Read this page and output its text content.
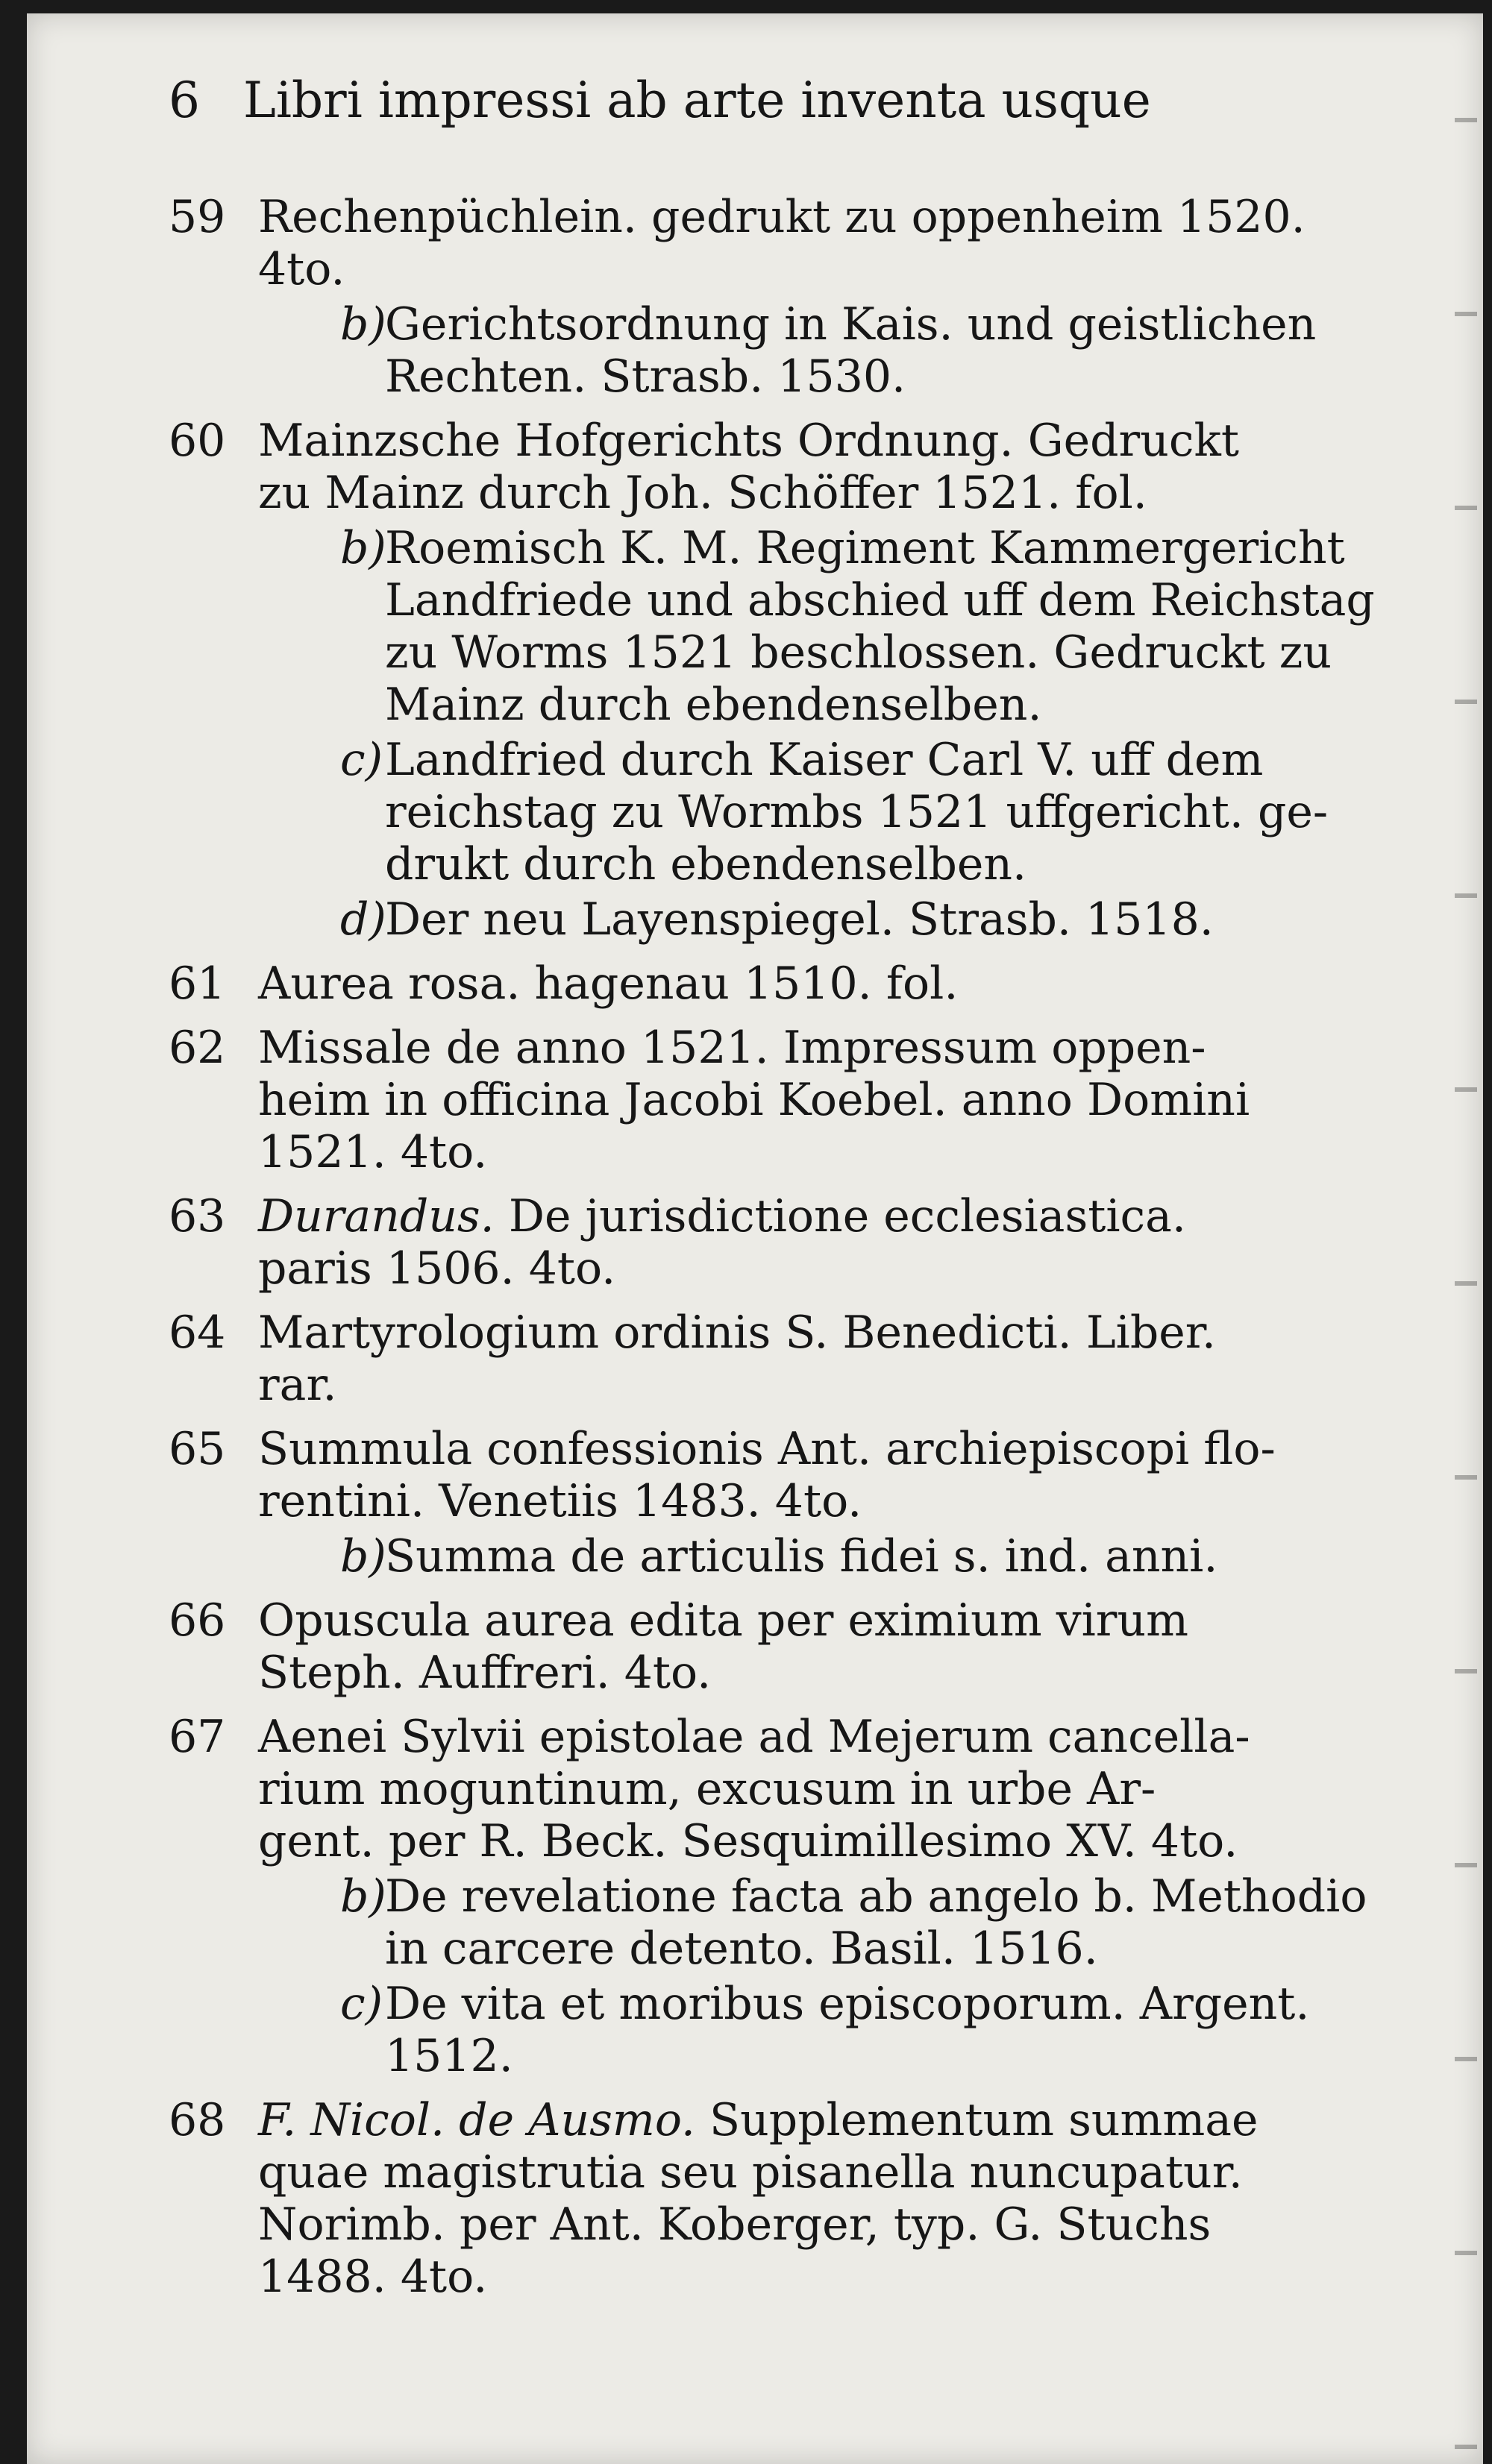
6 Libri impressi ab arte inventa usque
59 Rechenpüchlein. gedrukt zu oppenheim 1520.
4to.
b)
Gerichtsordnung in Kais. und geistlichen
Rechten. Strasb. 1530.
60 Mainzsche Hofgerichts Ordnung. Gedruckt
zu Mainz durch Joh. Schöffer 1521. fol.
b)
Roemisch K. M. Regiment Kammergericht
Landfriede und abschied uff dem Reichstag
zu Worms 1521 beschlossen. Gedruckt zu
Mainz durch ebendenselben.
c) Landfried durch Kaiser Carl V. uff dem
reichstag zu Wormbs 1521 uffgericht. ge-
drukt durch ebendenselben.
d)
Der neu Layenspiegel. Strasb. 1518.
61 Aurea rosa. hagenau 1510. fol.
62 Missale de anno 1521. Impressum oppen-
heim in officina Jacobi Koebel. anno Domini
1521. 4to.
63 Durandus. De jurisdictione ecclesiastica.
paris 1506. 4to.
64 Martyrologium ordinis S. Benedicti. Liber.
rar.
65 Summula confessionis Ant. archiepiscopi flo-
rentini. Venetiis 1483. 4to.
b)
Summa de articulis fidei s. ind. anni.
66 Opuscula aurea edita per eximium virum
Steph. Auffreri. 4to.
67 Aenei Sylvii epistolae ad Mejerum cancella-
rium moguntinum, excusum in urbe Ar-
gent. per R. Beck. Sesquimillesimo XV. 4to.
b)
De revelatione facta ab angelo b. Methodio
in carcere detento. Basil. 1516.
c) De vita et moribus episcoporum. Argent.
1512.
68 F. Nicol. de Ausmo. Supplementum summae
quae magistrutia seu pisanella nuncupatur.
Norimb. per Ant. Koberger, typ. G. Stuchs
1488. 4to.
